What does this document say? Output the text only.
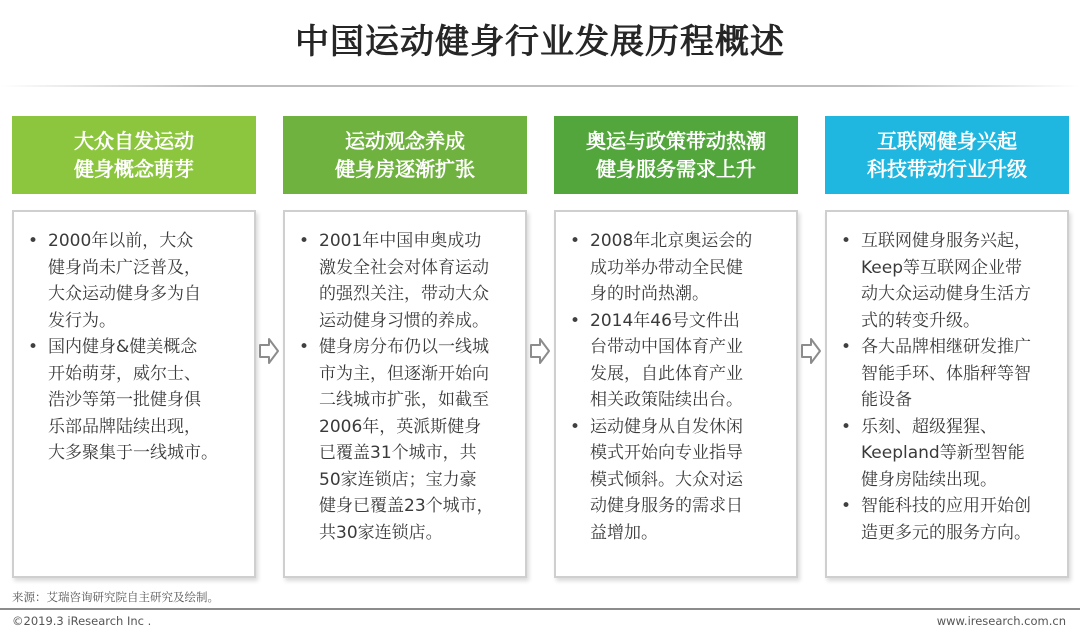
中国运动健身行业发展历程概述
大众自发运动
健身概念萌芽
运动观念养成
健身房逐渐扩张
奥运与政策带动热潮
健身服务需求上升
互联网健身兴起
科技带动行业升级
• 2000年以前，大众
健身尚未广泛普及，
大众运动健身多为自
发行为。
• 国内健身&健美概念
开始萌芽，威尔士、
浩沙等第一批健身俱
乐部品牌陆续出现，
大多聚集于一线城市。
• 2001年中国申奥成功
激发全社会对体育运动
的强烈关注，带动大众
运动健身习惯的养成。
• 健身房分布仍以一线城
市为主，但逐渐开始向
二线城市扩张，如截至
2006年，英派斯健身
已覆盖31个城市，共
50家连锁店；宝力豪
健身已覆盖23个城市，
共30家连锁店。
• 2008年北京奥运会的
成功举办带动全民健
身的时尚热潮。
• 2014年46号文件出
台带动中国体育产业
发展，自此体育产业
相关政策陆续出台。
• 运动健身从自发休闲
模式开始向专业指导
模式倾斜。大众对运
动健身服务的需求日
益增加。
• 互联网健身服务兴起，
Keep等互联网企业带
动大众运动健身生活方
式的转变升级。
• 各大品牌相继研发推广
智能手环、体脂秤等智
能设备
• 乐刻、超级猩猩、
Keepland等新型智能
健身房陆续出现。
• 智能科技的应用开始创
造更多元的服务方向。
来源：艾瑞咨询研究院自主研究及绘制。
©2019.3 iResearch Inc .	www.iresearch.com.cn
